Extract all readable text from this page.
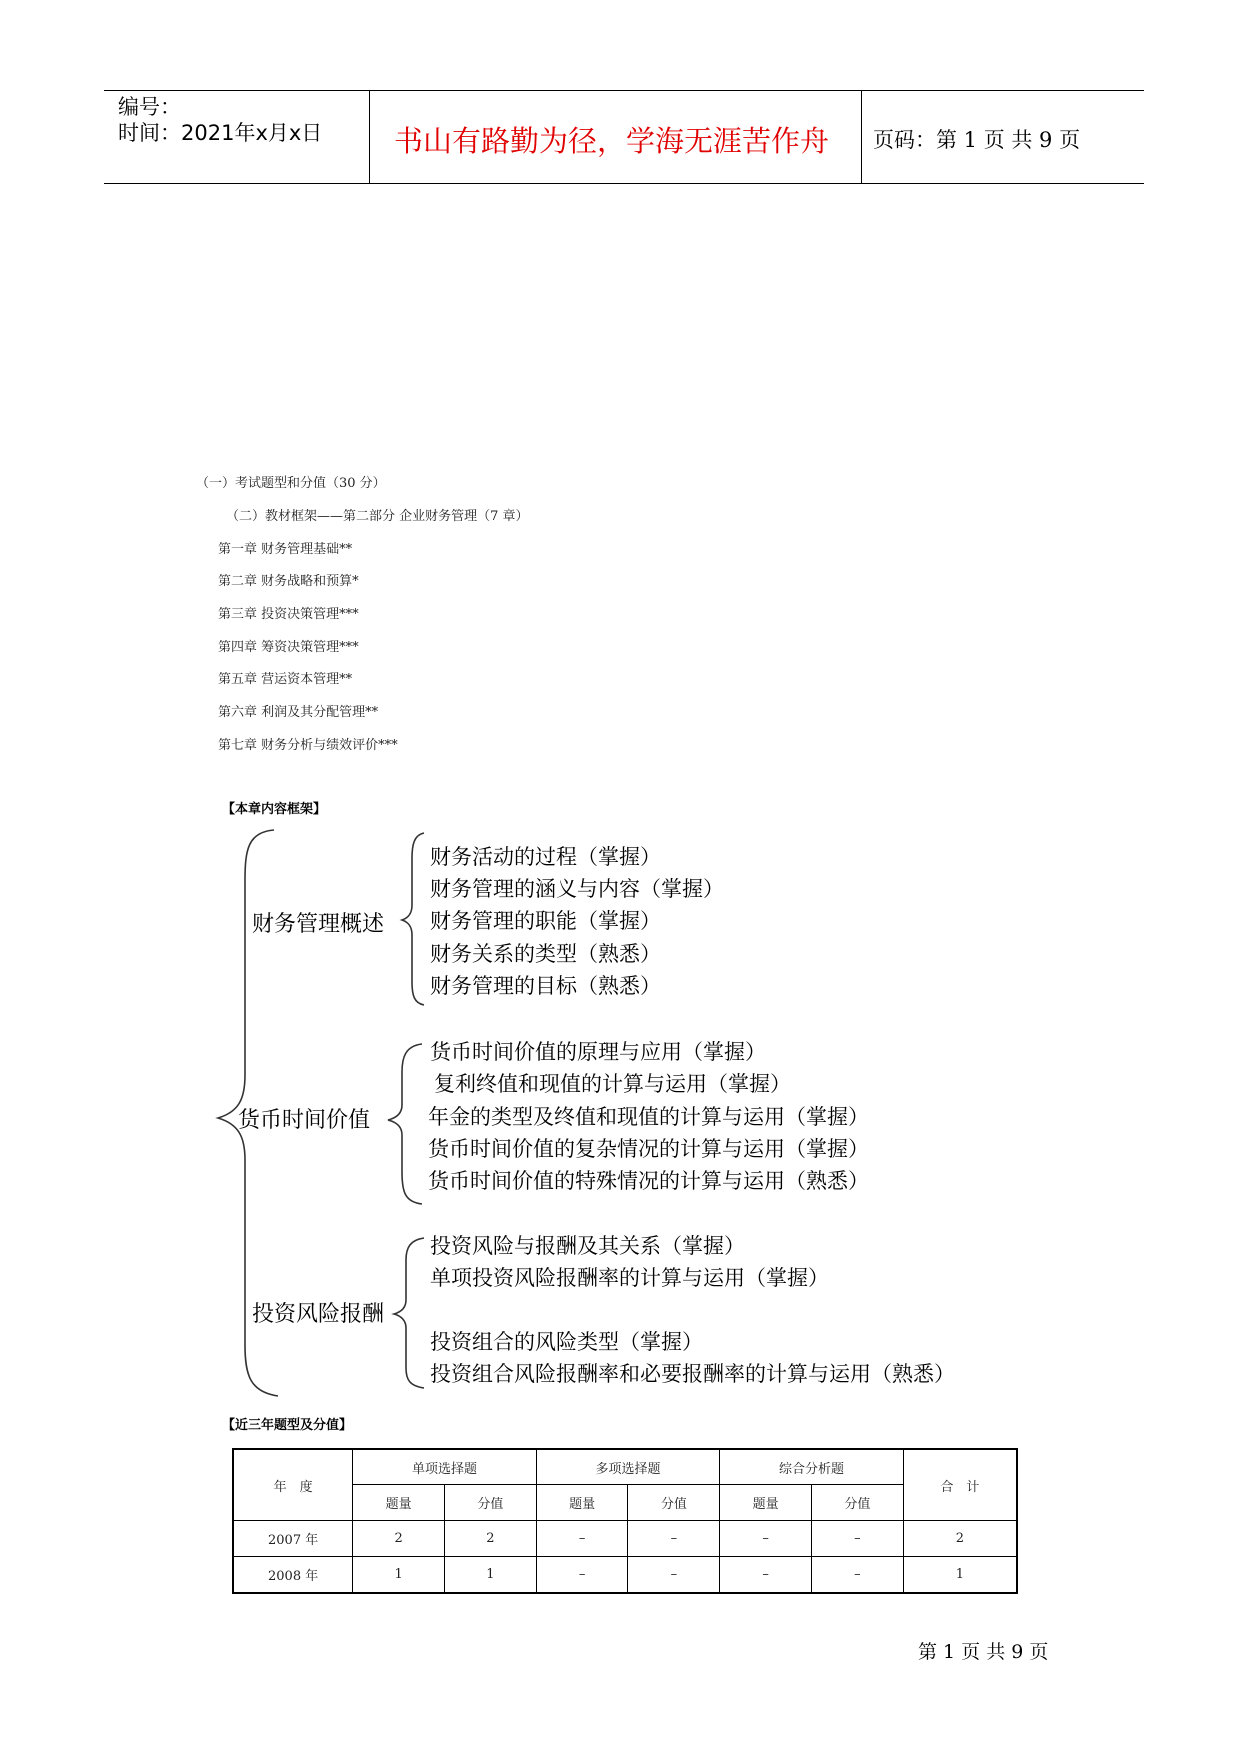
编号：
时间：2021年x月x日 书山有路勤为径，学海无涯苦作舟 页码：第 1 页 共 9 页
（一）考试题型和分值（30 分）
（二）教材框架——第二部分 企业财务管理（7 章）
第一章 财务管理基础**
第二章 财务战略和预算*
第三章 投资决策管理***
第四章 筹资决策管理***
第五章 营运资本管理**
第六章 利润及其分配管理**
第七章 财务分析与绩效评价***
【本章内容框架】
财务管理概述
财务活动的过程（掌握）
财务管理的涵义与内容（掌握）
财务管理的职能（掌握）
财务关系的类型（熟悉）
财务管理的目标（熟悉）
货币时间价值
货币时间价值的原理与应用（掌握）
复利终值和现值的计算与运用（掌握）
年金的类型及终值和现值的计算与运用（掌握）
货币时间价值的复杂情况的计算与运用（掌握）
货币时间价值的特殊情况的计算与运用（熟悉）
投资风险报酬
投资风险与报酬及其关系（掌握）
单项投资风险报酬率的计算与运用（掌握）
投资组合的风险类型（掌握）
投资组合风险报酬率和必要报酬率的计算与运用（熟悉）
【近三年题型及分值】
年　度	单项选择题		多项选择题		综合分析题		合　计
	题量	分值	题量	分值	题量	分值	
2007 年	2	2	–	–	–	–	2
2008 年	1	1	–	–	–	–	1
第 1 页 共 9 页
